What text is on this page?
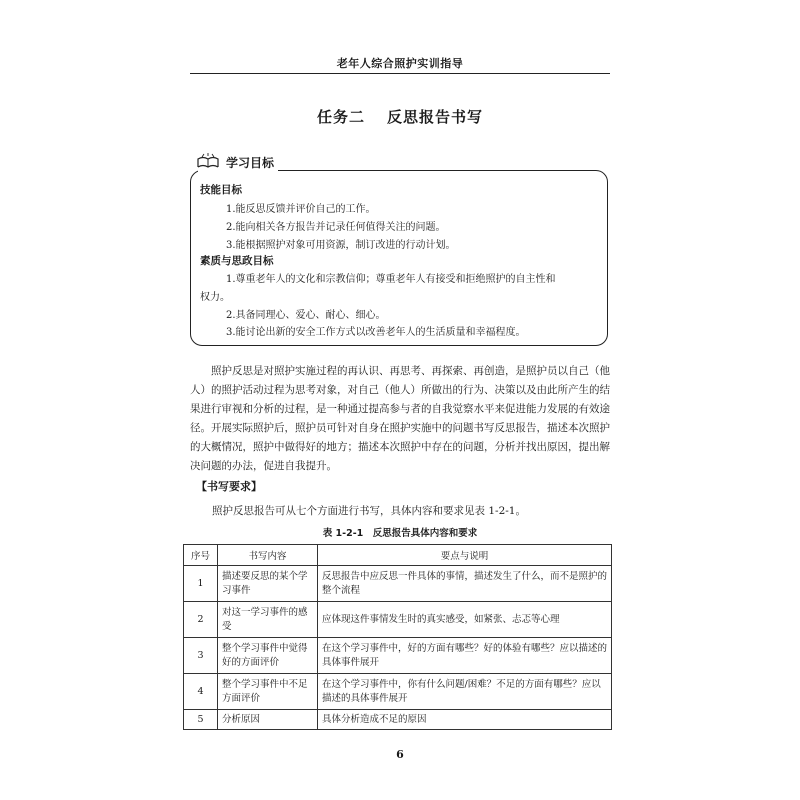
老年人综合照护实训指导
任务二 反思报告书写
学习目标
技能目标
1.能反思反馈并评价自己的工作。
2.能向相关各方报告并记录任何值得关注的问题。
3.能根据照护对象可用资源，制订改进的行动计划。
素质与思政目标
1.尊重老年人的文化和宗教信仰；尊重老年人有接受和拒绝照护的自主性和
权力。
2.具备同理心、爱心、耐心、细心。
3.能讨论出新的安全工作方式以改善老年人的生活质量和幸福程度。

照护反思是对照护实施过程的再认识、再思考、再探索、再创造，是照护员以自己（他人）的照护活动过程为思考对象，对自己（他人）所做出的行为、决策以及由此所产生的结果进行审视和分析的过程，是一种通过提高参与者的自我觉察水平来促进能力发展的有效途径。开展实际照护后，照护员可针对自身在照护实施中的问题书写反思报告，描述本次照护的大概情况，照护中做得好的地方；描述本次照护中存在的问题，分析并找出原因，提出解决问题的办法，促进自我提升。

【书写要求】
照护反思报告可从七个方面进行书写，具体内容和要求见表 1-2-1。
表 1-2-1　反思报告具体内容和要求
序号	书写内容	要点与说明
1	描述要反思的某个学习事件	反思报告中应反思一件具体的事情，描述发生了什么，而不是照护的整个流程
2	对这一学习事件的感受	应体现这件事情发生时的真实感受，如紧张、忐忑等心理
3	整个学习事件中觉得好的方面评价	在这个学习事件中，好的方面有哪些？好的体验有哪些？应以描述的具体事件展开
4	整个学习事件中不足方面评价	在这个学习事件中，你有什么问题/困难？不足的方面有哪些？应以描述的具体事件展开
5	分析原因	具体分析造成不足的原因
6
